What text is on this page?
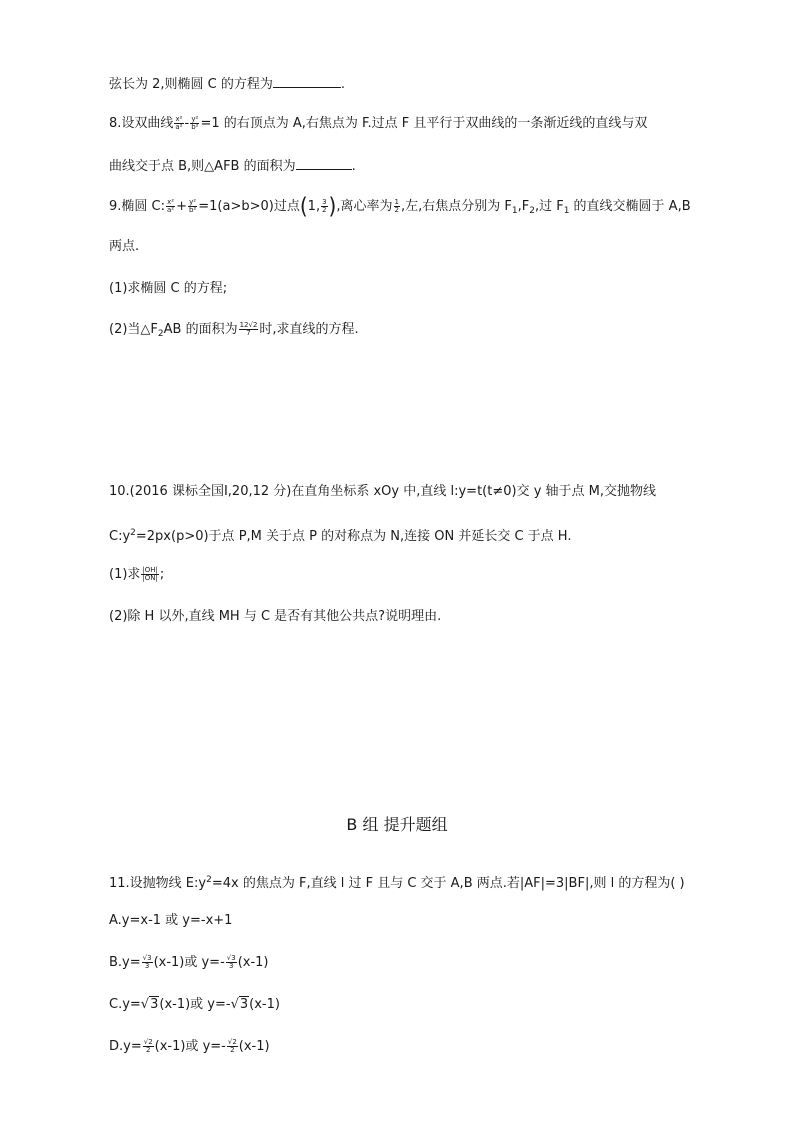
弦长为 2,则椭圆 C 的方程为	.
8.设双曲线 $\frac{\text{x²}}{\text{a²}} - \frac{\text{y²}}{\text{b²}} =1$ 的右顶点为 A,右焦点为 F.过点 F 且平行于双曲线的一条渐近线的直线与双
曲线交于点 B,则△AFB 的面积为	.
9.椭圆 C: $\frac{\text{x²}}{\text{a²}} + \frac{\text{y²}}{\text{b²}} =1(a>b>0)$过点(1, $\frac{3}{2}$ ),离心率为 $\frac{1}{2}$ ,左,右焦点分别为 $F_1,F_2$,过 $F_1$ 的直线交椭圆于 A,B
两点.
(1)求椭圆 C 的方程;
(2)当$\triangle F_2AB$ 的面积为 $\frac{12√2}{7}$ 时,求直线的方程.
10.(2016 课标全国Ⅰ,20,12 分)在直角坐标系 xOy 中,直线 l:y=t(t≠0)交 y 轴于点 M,交抛物线
$C:y^2=2px(p>0)$于点 P,M 关于点 P 的对称点为 N,连接 ON 并延长交 C 于点 H.
(1)求 $\frac{|OH|}{|ON|}$ ;
(2)除 H 以外,直线 MH 与 C 是否有其他公共点?说明理由.
B 组 提升题组
11.设抛物线 $E:y^2=4x$ 的焦点为 F,直线 l 过 F 且与 C 交于 A,B 两点.若|AF|=3|BF|,则 l 的方程为( )
A.y=x-1 或 y=-x+1
$B.y= \frac{√3}{3} (x-1)$或 $y=- \frac{√3}{3} (x-1)$
C.y=√3(x-1)或 y=-√3(x-1)
$D.y= \frac{√2}{2} (x-1)$或 $y=- \frac{√2}{2} (x-1)$
